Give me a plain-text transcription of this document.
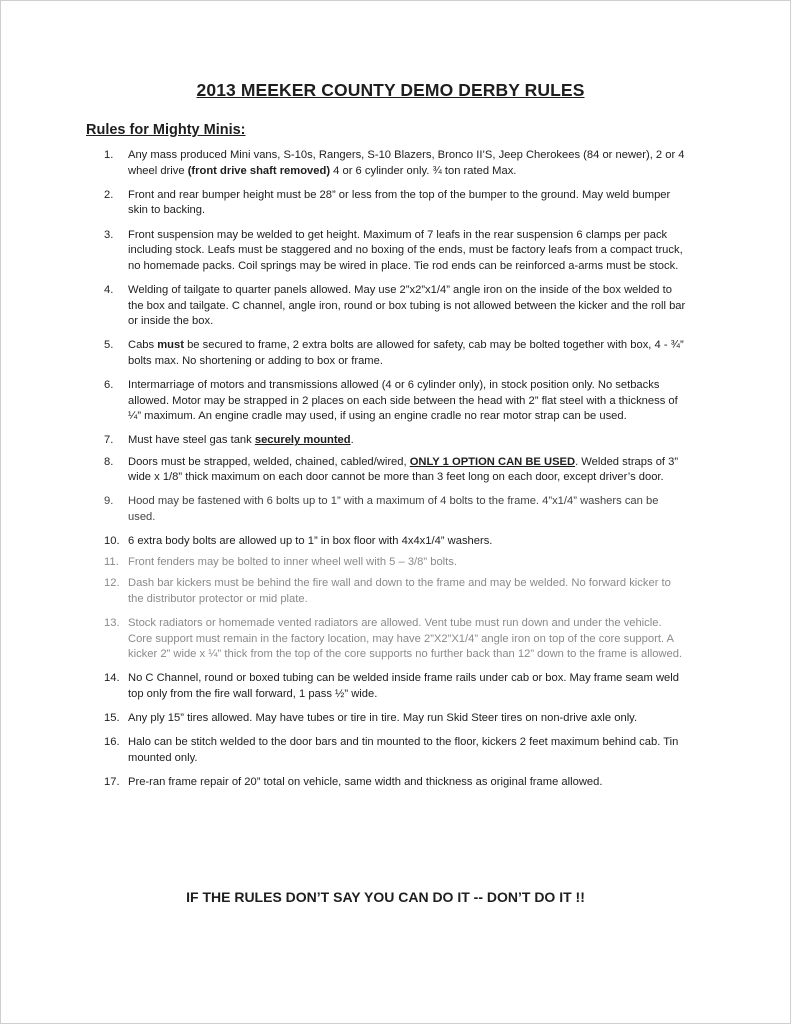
2013 MEEKER COUNTY DEMO DERBY RULES
Rules for Mighty Minis:
1.	Any mass produced Mini vans, S-10s, Rangers, S-10 Blazers, Bronco II’S, Jeep Cherokees (84 or newer), 2 or 4 wheel drive (front drive shaft removed) 4 or 6 cylinder only. ¾ ton rated Max.
2.	Front and rear bumper height must be 28” or less from the top of the bumper to the ground. May weld bumper skin to backing.
3.	Front suspension may be welded to get height. Maximum of 7 leafs in the rear suspension 6 clamps per pack including stock. Leafs must be staggered and no boxing of the ends, must be factory leafs from a compact truck, no homemade packs. Coil springs may be wired in place. Tie rod ends can be reinforced a-arms must be stock.
4.	Welding of tailgate to quarter panels allowed. May use 2”x2”x1/4” angle iron on the inside of the box welded to the box and tailgate. C channel, angle iron, round or box tubing is not allowed between the kicker and the roll bar or inside the box.
5.	Cabs must be secured to frame, 2 extra bolts are allowed for safety, cab may be bolted together with box, 4 - ¾” bolts max. No shortening or adding to box or frame.
6.	Intermarriage of motors and transmissions allowed (4 or 6 cylinder only), in stock position only. No setbacks allowed. Motor may be strapped in 2 places on each side between the head with 2” flat steel with a thickness of ¼” maximum. An engine cradle may used, if using an engine cradle no rear motor strap can be used.
7.	Must have steel gas tank securely mounted.
8.	Doors must be strapped, welded, chained, cabled/wired, ONLY 1 OPTION CAN BE USED. Welded straps of 3” wide x 1/8” thick maximum on each door cannot be more than 3 feet long on each door, except driver’s door.
9.	Hood may be fastened with 6 bolts up to 1” with a maximum of 4 bolts to the frame. 4”x1/4” washers can be used.
10. 6 extra body bolts are allowed up to 1” in box floor with 4x4x1/4” washers.
11. Front fenders may be bolted to inner wheel well with 5 – 3/8” bolts.
12. Dash bar kickers must be behind the fire wall and down to the frame and may be welded. No forward kicker to the distributor protector or mid plate.
13. Stock radiators or homemade vented radiators are allowed. Vent tube must run down and under the vehicle. Core support must remain in the factory location, may have 2”X2”X1/4” angle iron on top of the core support. A kicker 2” wide x ¼” thick from the top of the core supports no further back than 12” down to the frame is allowed.
14. No C Channel, round or boxed tubing can be welded inside frame rails under cab or box. May frame seam weld top only from the fire wall forward, 1 pass ½” wide.
15. Any ply 15” tires allowed. May have tubes or tire in tire. May run Skid Steer tires on non-drive axle only.
16. Halo can be stitch welded to the door bars and tin mounted to the floor, kickers 2 feet maximum behind cab. Tin mounted only.
17. Pre-ran frame repair of 20” total on vehicle, same width and thickness as original frame allowed.
IF THE RULES DON’T SAY YOU CAN DO IT -- DON’T DO IT !!
